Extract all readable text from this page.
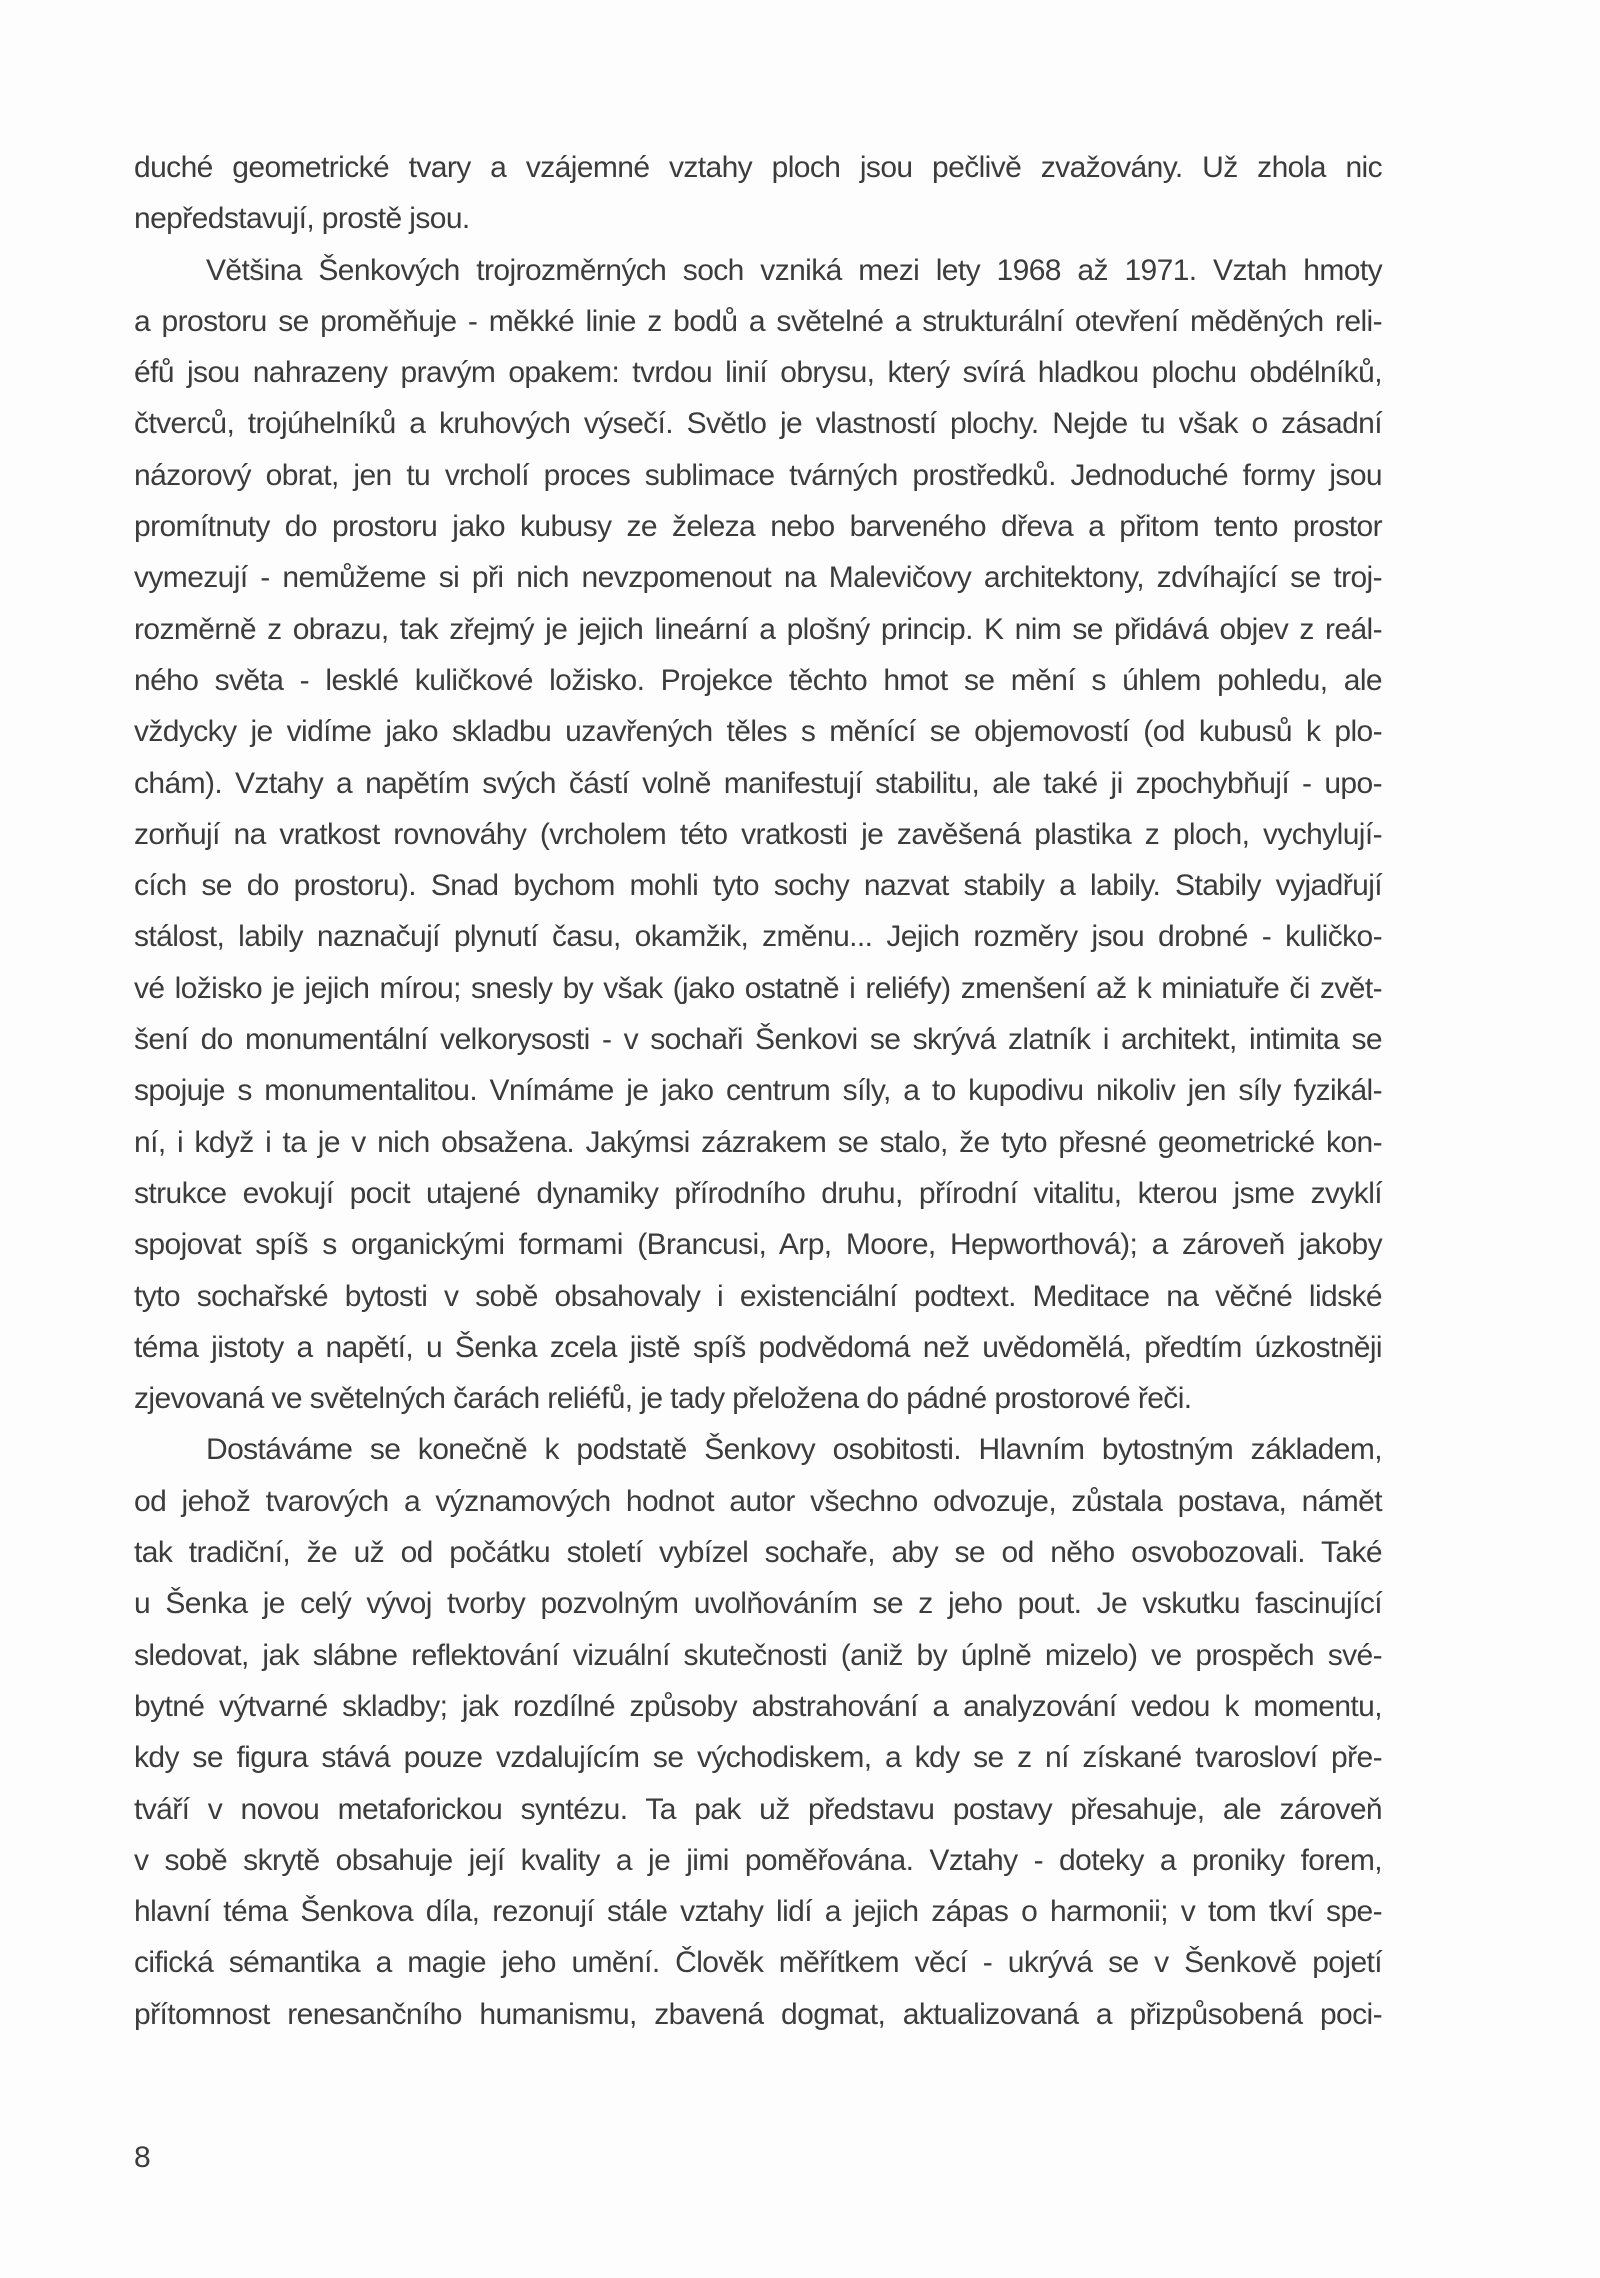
duché geometrické tvary a vzájemné vztahy ploch jsou pečlivě zvažovány. Už zhola nic
nepředstavují, prostě jsou.
Většina Šenkových trojrozměrných soch vzniká mezi lety 1968 až 1971. Vztah hmoty
a prostoru se proměňuje - měkké linie z bodů a světelné a strukturální otevření měděných reli-
éfů jsou nahrazeny pravým opakem: tvrdou linií obrysu, který svírá hladkou plochu obdélníků,
čtverců, trojúhelníků a kruhových výsečí. Světlo je vlastností plochy. Nejde tu však o zásadní
názorový obrat, jen tu vrcholí proces sublimace tvárných prostředků. Jednoduché formy jsou
promítnuty do prostoru jako kubusy ze železa nebo barveného dřeva a přitom tento prostor
vymezují - nemůžeme si při nich nevzpomenout na Malevičovy architektony, zdvíhající se troj-
rozměrně z obrazu, tak zřejmý je jejich lineární a plošný princip. K nim se přidává objev z reál-
ného světa - lesklé kuličkové ložisko. Projekce těchto hmot se mění s úhlem pohledu, ale
vždycky je vidíme jako skladbu uzavřených těles s měnící se objemovostí (od kubusů k plo-
chám). Vztahy a napětím svých částí volně manifestují stabilitu, ale také ji zpochybňují - upo-
zorňují na vratkost rovnováhy (vrcholem této vratkosti je zavěšená plastika z ploch, vychylují-
cích se do prostoru). Snad bychom mohli tyto sochy nazvat stabily a labily. Stabily vyjadřují
stálost, labily naznačují plynutí času, okamžik, změnu... Jejich rozměry jsou drobné - kuličko-
vé ložisko je jejich mírou; snesly by však (jako ostatně i reliéfy) zmenšení až k miniatuře či zvět-
šení do monumentální velkorysosti - v sochaři Šenkovi se skrývá zlatník i architekt, intimita se
spojuje s monumentalitou. Vnímáme je jako centrum síly, a to kupodivu nikoliv jen síly fyzikál-
ní, i když i ta je v nich obsažena. Jakýmsi zázrakem se stalo, že tyto přesné geometrické kon-
strukce evokují pocit utajené dynamiky přírodního druhu, přírodní vitalitu, kterou jsme zvyklí
spojovat spíš s organickými formami (Brancusi, Arp, Moore, Hepworthová); a zároveň jakoby
tyto sochařské bytosti v sobě obsahovaly i existenciální podtext. Meditace na věčné lidské
téma jistoty a napětí, u Šenka zcela jistě spíš podvědomá než uvědomělá, předtím úzkostněji
zjevovaná ve světelných čarách reliéfů, je tady přeložena do pádné prostorové řeči.
Dostáváme se konečně k podstatě Šenkovy osobitosti. Hlavním bytostným základem,
od jehož tvarových a významových hodnot autor všechno odvozuje, zůstala postava, námět
tak tradiční, že už od počátku století vybízel sochaře, aby se od něho osvobozovali. Také
u Šenka je celý vývoj tvorby pozvolným uvolňováním se z jeho pout. Je vskutku fascinující
sledovat, jak slábne reflektování vizuální skutečnosti (aniž by úplně mizelo) ve prospěch své-
bytné výtvarné skladby; jak rozdílné způsoby abstrahování a analyzování vedou k momentu,
kdy se figura stává pouze vzdalujícím se východiskem, a kdy se z ní získané tvarosloví pře-
tváří v novou metaforickou syntézu. Ta pak už představu postavy přesahuje, ale zároveň
v sobě skrytě obsahuje její kvality a je jimi poměřována. Vztahy - doteky a proniky forem,
hlavní téma Šenkova díla, rezonují stále vztahy lidí a jejich zápas o harmonii; v tom tkví spe-
cifická sémantika a magie jeho umění. Člověk měřítkem věcí - ukrývá se v Šenkově pojetí
přítomnost renesančního humanismu, zbavená dogmat, aktualizovaná a přizpůsobená poci-
8
